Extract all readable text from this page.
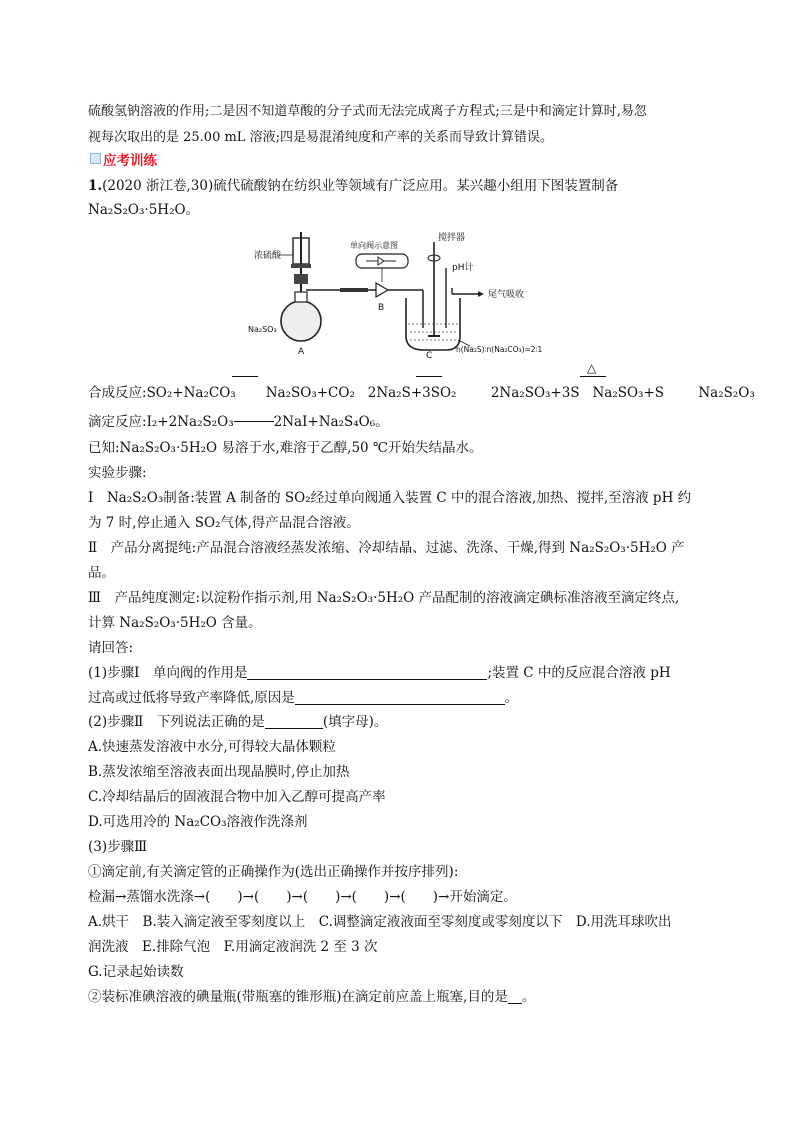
硫酸氢钠溶液的作用;二是因不知道草酸的分子式而无法完成离子方程式;三是中和滴定计算时,易忽
视每次取出的是 25.00 mL 溶液;四是易混淆纯度和产率的关系而导致计算错误。
应考训练
1.(2020 浙江卷,30)硫代硫酸钠在纺织业等领域有广泛应用。某兴趣小组用下图装置制备
Na₂S₂O₃·5H₂O。
浓硫酸
Na₂SO₃
A
B
单向阀示意图
搅拌器
pH计
尾气吸收
C
n(Na₂S)∶n(Na₂CO₃)=2∶1
△
合成反应:SO₂+Na₂CO₃ Na₂SO₃+CO₂ 2Na₂S+3SO₂	2Na₂SO₃+3S Na₂SO₃+S	Na₂S₂O₃
滴定反应:I₂+2Na₂S₂O₃	2NaI+Na₂S₄O₆。
已知:Na₂S₂O₃·5H₂O 易溶于水,难溶于乙醇,50 ℃开始失结晶水。
实验步骤:
Ⅰ　Na₂S₂O₃制备:装置 A 制备的 SO₂经过单向阀通入装置 C 中的混合溶液,加热、搅拌,至溶液 pH 约
为 7 时,停止通入 SO₂气体,得产品混合溶液。
Ⅱ　产品分离提纯:产品混合溶液经蒸发浓缩、冷却结晶、过滤、洗涤、干燥,得到 Na₂S₂O₃·5H₂O 产
品。
Ⅲ　产品纯度测定:以淀粉作指示剂,用 Na₂S₂O₃·5H₂O 产品配制的溶液滴定碘标准溶液至滴定终点,
计算 Na₂S₂O₃·5H₂O 含量。
请回答:
(1)步骤Ⅰ　单向阀的作用是	;装置 C 中的反应混合溶液 pH
过高或过低将导致产率降低,原因是	。
(2)步骤Ⅱ　下列说法正确的是	(填字母)。
A.快速蒸发溶液中水分,可得较大晶体颗粒
B.蒸发浓缩至溶液表面出现晶膜时,停止加热
C.冷却结晶后的固液混合物中加入乙醇可提高产率
D.可选用冷的 Na₂CO₃溶液作洗涤剂
(3)步骤Ⅲ
①滴定前,有关滴定管的正确操作为(选出正确操作并按序排列):
检漏→蒸馏水洗涤→(　　)→(　　)→(　　)→(　　)→(　　)→开始滴定。
A.烘干　B.装入滴定液至零刻度以上　C.调整滴定液液面至零刻度或零刻度以下　D.用洗耳球吹出
润洗液　E.排除气泡　F.用滴定液润洗 2 至 3 次
G.记录起始读数
②装标准碘溶液的碘量瓶(带瓶塞的锥形瓶)在滴定前应盖上瓶塞,目的是 。
